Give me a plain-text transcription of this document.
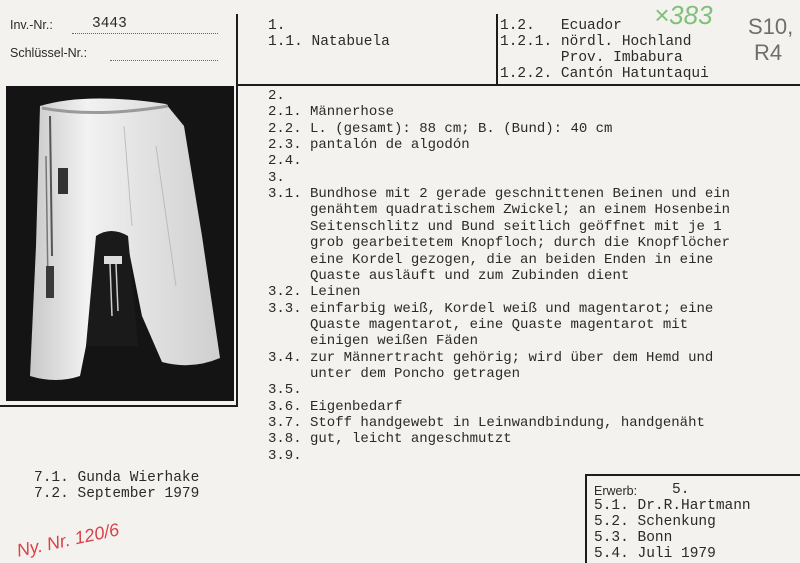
Inv.-Nr.:	3443
Schlüssel-Nr.:
1.
1.1. Natabuela
1.2.   Ecuador
1.2.1. nördl. Hochland
Prov. Imbabura
1.2.2. Cantón Hatuntaqui
×383 S10,
R4
2.
2.1. Männerhose
2.2. L. (gesamt): 88 cm; B. (Bund): 40 cm
2.3. pantalón de algodón
2.4.
3.
3.1. Bundhose mit 2 gerade geschnittenen Beinen und ein
genähtem quadratischem Zwickel; an einem Hosenbein
Seitenschlitz und Bund seitlich geöffnet mit je 1
grob gearbeitetem Knopfloch; durch die Knopflöcher
eine Kordel gezogen, die an beiden Enden in eine
Quaste ausläuft und zum Zubinden dient
3.2. Leinen
3.3. einfarbig weiß, Kordel weiß und magentarot; eine
Quaste magentarot, eine Quaste magentarot mit
einigen weißen Fäden
3.4. zur Männertracht gehörig; wird über dem Hemd und
unter dem Poncho getragen
3.5.
3.6. Eigenbedarf
3.7. Stoff handgewebt in Leinwandbindung, handgenäht
3.8. gut, leicht angeschmutzt
3.9.
7.1. Gunda Wierhake
7.2. September 1979
Ny. Nr. 120/6
Erwerb: 5.
5.1. Dr.R.Hartmann
5.2. Schenkung
5.3. Bonn
5.4. Juli 1979
